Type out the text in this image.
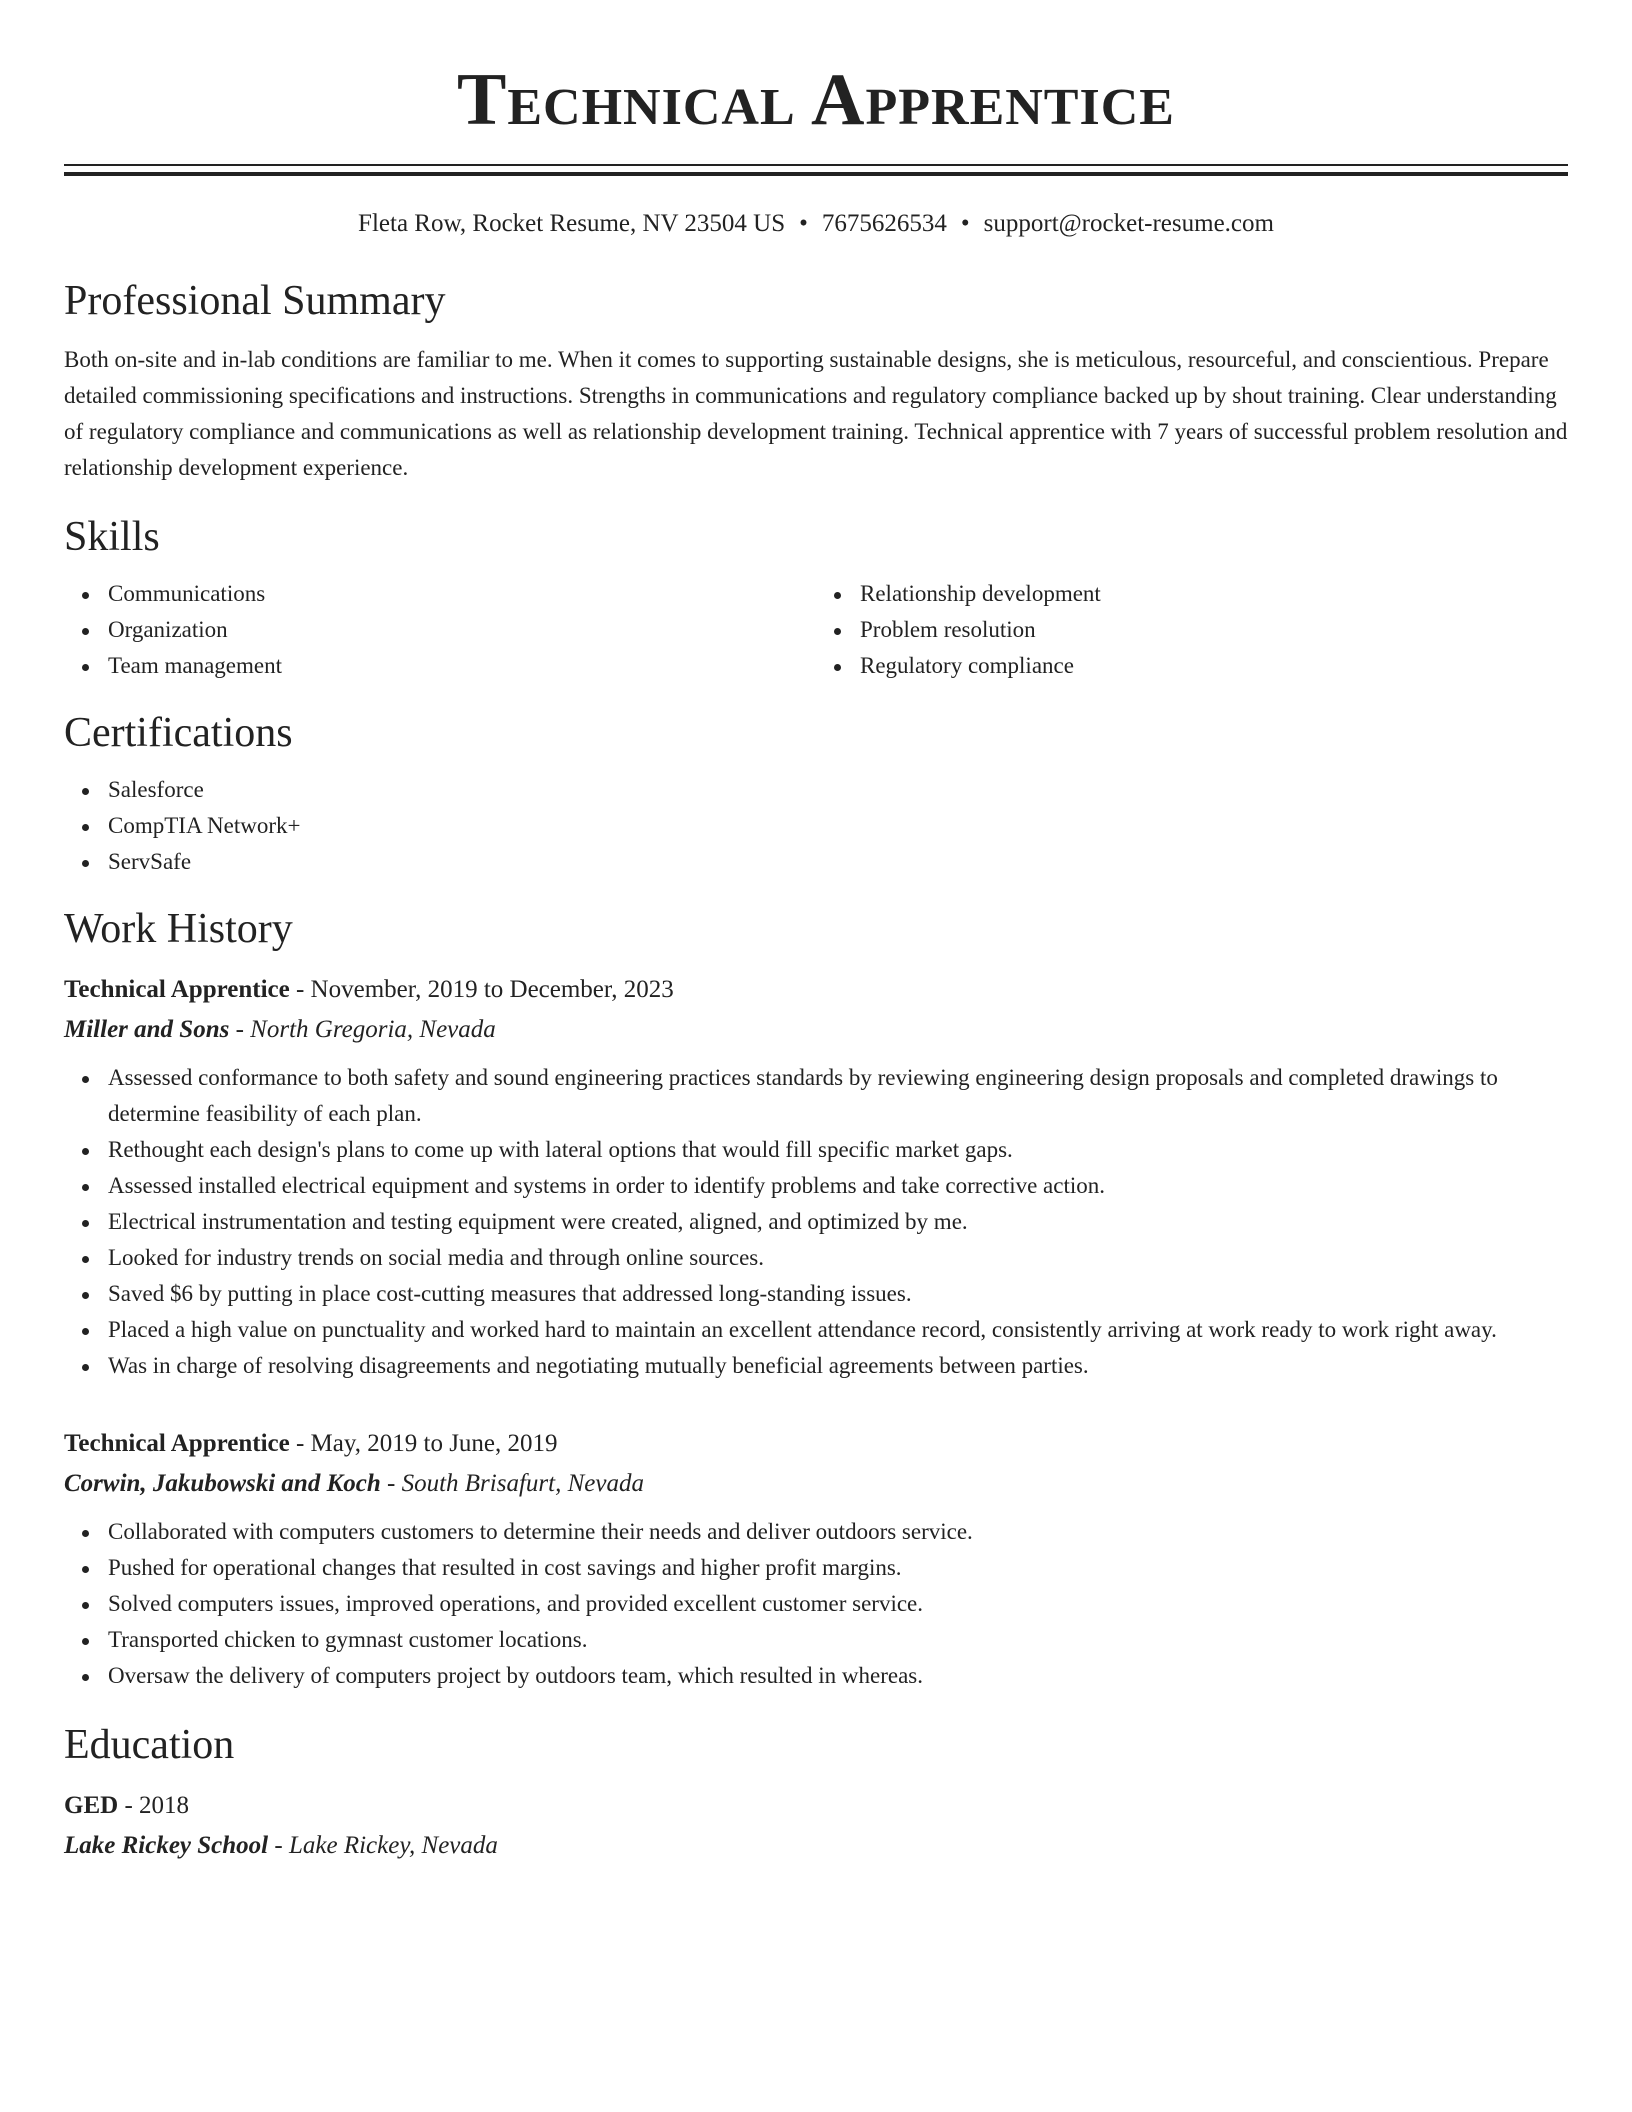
Technical Apprentice
Fleta Row, Rocket Resume, NV 23504 US • 7675626534 • support@rocket-resume.com
Professional Summary

Both on-site and in-lab conditions are familiar to me. When it comes to supporting sustainable designs, she is meticulous, resourceful, and conscientious. Prepare detailed commissioning specifications and instructions. Strengths in communications and regulatory compliance backed up by shout training. Clear understanding of regulatory compliance and communications as well as relationship development training. Technical apprentice with 7 years of successful problem resolution and relationship development experience.

Skills
Communications
Organization
Team management
Relationship development
Problem resolution
Regulatory compliance
Certifications
Salesforce
CompTIA Network+
ServSafe
Work History
Technical Apprentice - November, 2019 to December, 2023
Miller and Sons - North Gregoria, Nevada
Assessed conformance to both safety and sound engineering practices standards by reviewing engineering design proposals and completed drawings to determine feasibility of each plan.
Rethought each design's plans to come up with lateral options that would fill specific market gaps.
Assessed installed electrical equipment and systems in order to identify problems and take corrective action.
Electrical instrumentation and testing equipment were created, aligned, and optimized by me.
Looked for industry trends on social media and through online sources.
Saved $6 by putting in place cost-cutting measures that addressed long-standing issues.
Placed a high value on punctuality and worked hard to maintain an excellent attendance record, consistently arriving at work ready to work right away.
Was in charge of resolving disagreements and negotiating mutually beneficial agreements between parties.
Technical Apprentice - May, 2019 to June, 2019
Corwin, Jakubowski and Koch - South Brisafurt, Nevada
Collaborated with computers customers to determine their needs and deliver outdoors service.
Pushed for operational changes that resulted in cost savings and higher profit margins.
Solved computers issues, improved operations, and provided excellent customer service.
Transported chicken to gymnast customer locations.
Oversaw the delivery of computers project by outdoors team, which resulted in whereas.
Education
GED - 2018
Lake Rickey School - Lake Rickey, Nevada
